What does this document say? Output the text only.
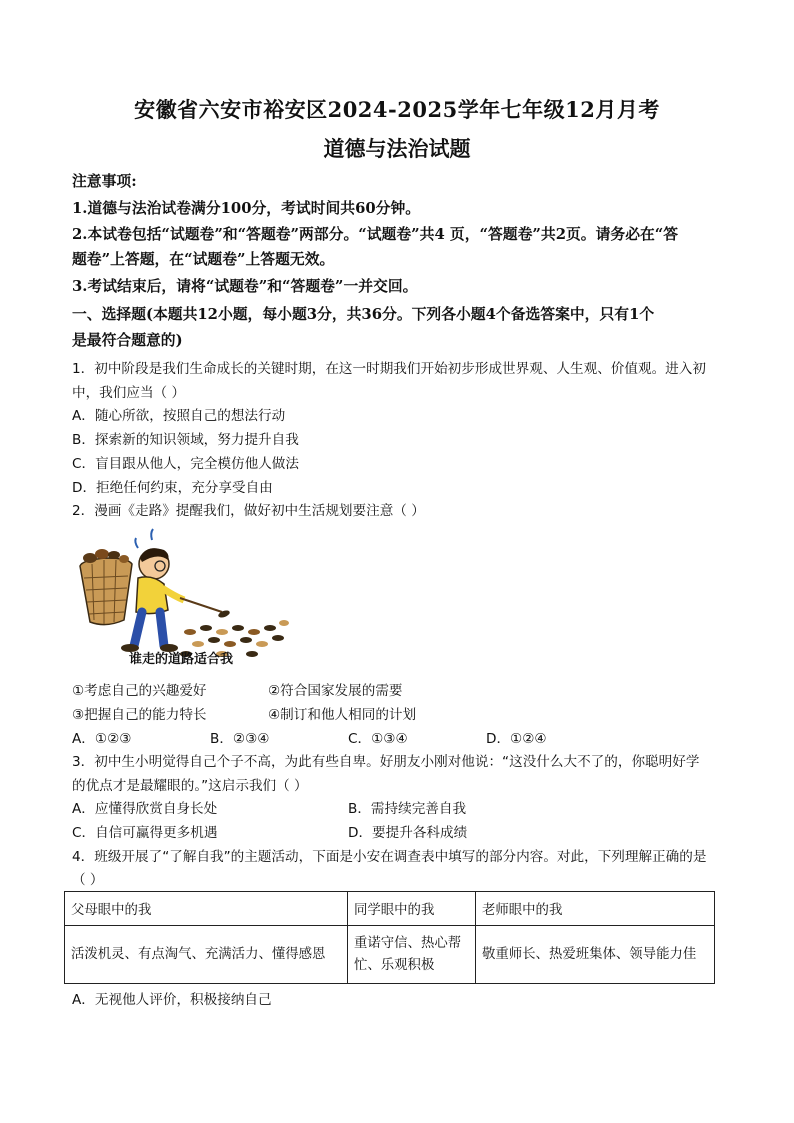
安徽省六安市裕安区2024-2025学年七年级12月月考
道德与法治试题
注意事项:
1.道德与法治试卷满分100分，考试时间共60分钟。
2.本试卷包括“试题卷”和“答题卷”两部分。“试题卷”共4 页，“答题卷”共2页。请务必在“答
题卷”上答题，在“试题卷”上答题无效。
3.考试结束后，请将“试题卷”和“答题卷”一并交回。
一、选择题(本题共12小题，每小题3分，共36分。下列各小题4个备选答案中，只有1个
是最符合题意的)
1．初中阶段是我们生命成长的关键时期，在这一时期我们开始初步形成世界观、人生观、价值观。进入初
中，我们应当（ ）
A．随心所欲，按照自己的想法行动
B．探索新的知识领域，努力提升自我
C．盲目跟从他人，完全模仿他人做法
D．拒绝任何约束，充分享受自由
2．漫画《走路》提醒我们，做好初中生活规划要注意（ ）
谁走的道路适合我
①考虑自己的兴趣爱好	②符合国家发展的需要
③把握自己的能力特长	④制订和他人相同的计划
A．①②③	B．②③④	C．①③④	D．①②④
3．初中生小明觉得自己个子不高，为此有些自卑。好朋友小刚对他说：“这没什么大不了的，你聪明好学
的优点才是最耀眼的。”这启示我们（ ）
A．应懂得欣赏自身长处	B．需持续完善自我
C．自信可赢得更多机遇	D．要提升各科成绩
4．班级开展了“了解自我”的主题活动，下面是小安在调查表中填写的部分内容。对此，下列理解正确的是
（ ）
父母眼中的我	同学眼中的我	老师眼中的我
活泼机灵、有点淘气、充满活力、懂得感恩	重诺守信、热心帮忙、乐观积极	敬重师长、热爱班集体、领导能力佳
A．无视他人评价，积极接纳自己
